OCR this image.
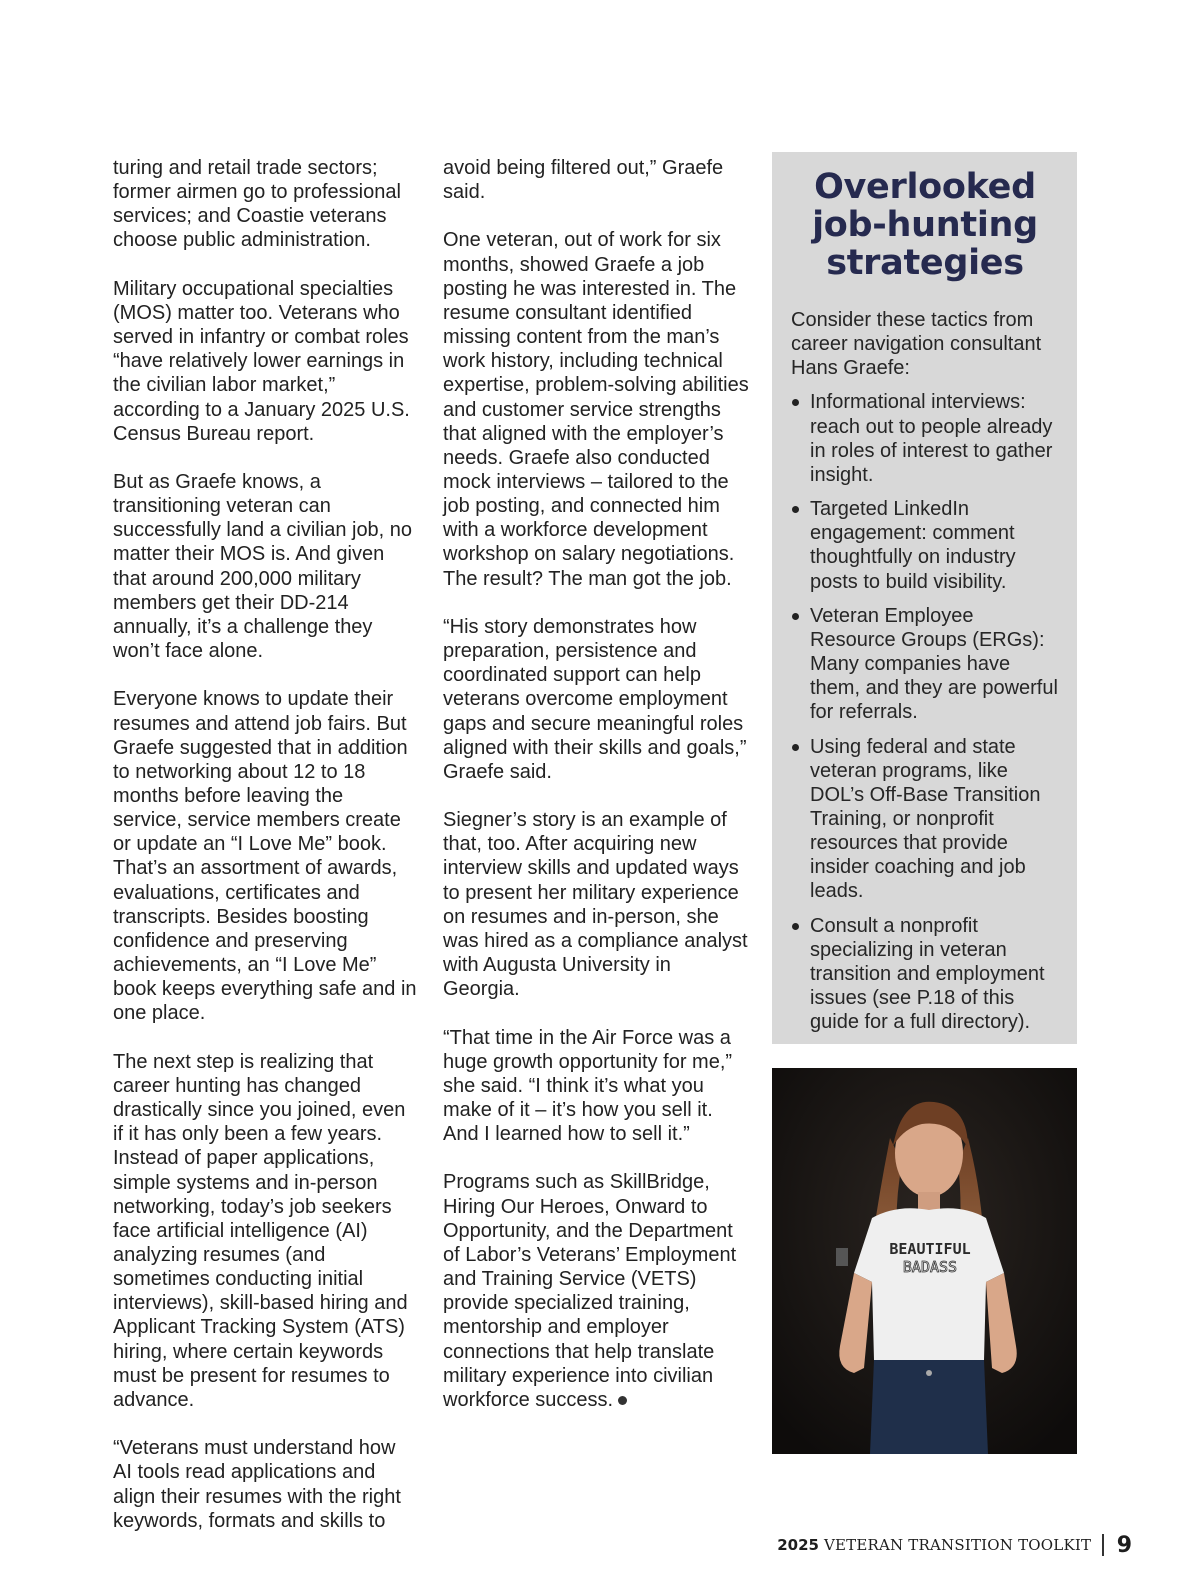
turing and retail trade sectors; former airmen go to professional services; and Coastie veterans choose public administration.

Military occupational specialties (MOS) matter too. Veterans who served in infantry or combat roles “have relatively lower earnings in the civilian labor market,” according to a January 2025 U.S. Census Bureau report.

But as Graefe knows, a transitioning veteran can successfully land a civilian job, no matter their MOS is. And given that around 200,000 military members get their DD-214 annually, it’s a challenge they won’t face alone.

Everyone knows to update their resumes and attend job fairs. But Graefe suggested that in addition to networking about 12 to 18 months before leaving the service, service members create or update an “I Love Me” book. That’s an assortment of awards, evaluations, certificates and transcripts. Besides boosting confidence and preserving achievements, an “I Love Me” book keeps everything safe and in one place.

The next step is realizing that career hunting has changed drastically since you joined, even if it has only been a few years. Instead of paper applications, simple systems and in-person networking, today’s job seekers face artificial intelligence (AI) analyzing resumes (and sometimes conducting initial interviews), skill-based hiring and Applicant Tracking System (ATS) hiring, where certain keywords must be present for resumes to advance.

“Veterans must understand how AI tools read applications and align their resumes with the right keywords, formats and skills to

avoid being filtered out,” Graefe said.

One veteran, out of work for six months, showed Graefe a job posting he was interested in. The resume consultant identified missing content from the man’s work history, including technical expertise, problem-solving abilities and customer service strengths that aligned with the employer’s needs. Graefe also conducted mock interviews – tailored to the job posting, and connected him with a workforce development workshop on salary negotiations. The result? The man got the job.

“His story demonstrates how preparation, persistence and coordinated support can help veterans overcome employment gaps and secure meaningful roles aligned with their skills and goals,” Graefe said.

Siegner’s story is an example of that, too. After acquiring new interview skills and updated ways to present her military experience on resumes and in-person, she was hired as a compliance analyst with Augusta University in Georgia.

“That time in the Air Force was a huge growth opportunity for me,” she said. “I think it’s what you make of it – it’s how you sell it. And I learned how to sell it.”

Programs such as SkillBridge, Hiring Our Heroes, Onward to Opportunity, and the Department of Labor’s Veterans’ Employment and Training Service (VETS) provide specialized training, mentorship and employer connections that help translate military experience into civilian workforce success.

Overlooked job-hunting strategies

Consider these tactics from career navigation consultant Hans Graefe:

Informational interviews: reach out to people already in roles of interest to gather insight.
Targeted LinkedIn engagement: comment thoughtfully on industry posts to build visibility.
Veteran Employee Resource Groups (ERGs): Many companies have them, and they are powerful for referrals.
Using federal and state veteran programs, like DOL’s Off-Base Transition Training, or nonprofit resources that provide insider coaching and job leads.
Consult a nonprofit specializing in veteran transition and employment issues (see P.18 of this guide for a full directory).
BEAUTIFUL
BADASS
2025 VETERAN TRANSITION TOOLKIT 9
